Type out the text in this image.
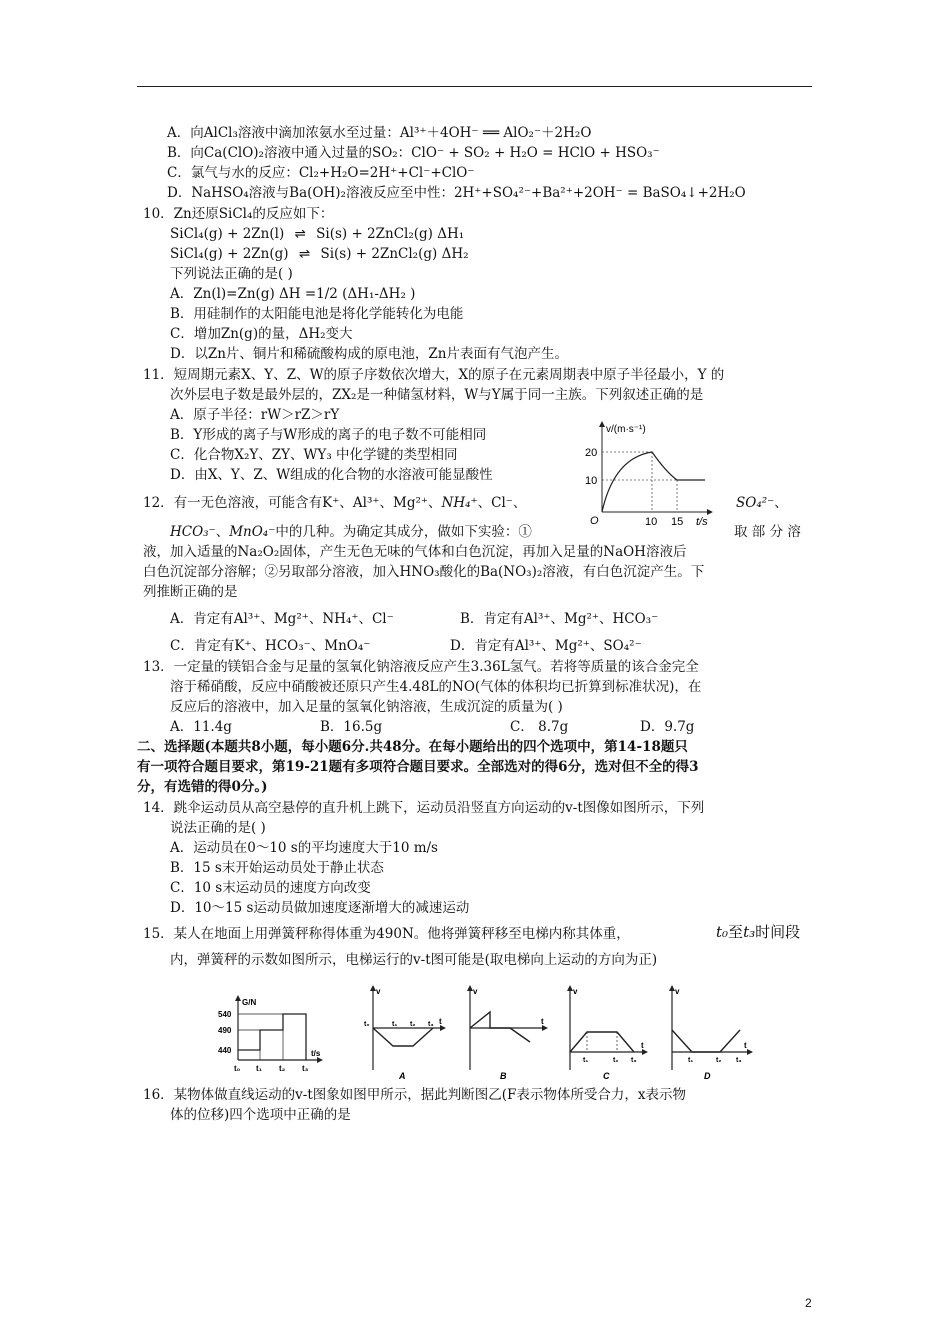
A．向AlCl₃溶液中滴加浓氨水至过量：Al³⁺＋4OH⁻ ══ AlO₂⁻＋2H₂O
B．向Ca(ClO)₂溶液中通入过量的SO₂：ClO⁻ + SO₂ + H₂O = HClO + HSO₃⁻
C．氯气与水的反应：Cl₂+H₂O=2H⁺+Cl⁻+ClO⁻
D．NaHSO₄溶液与Ba(OH)₂溶液反应至中性：2H⁺+SO₄²⁻+Ba²⁺+2OH⁻ = BaSO₄↓+2H₂O
10．Zn还原SiCl₄的反应如下：
SiCl₄(g) + 2Zn(l) ⇌ Si(s) + 2ZnCl₂(g) ΔH₁
SiCl₄(g) + 2Zn(g) ⇌ Si(s) + 2ZnCl₂(g) ΔH₂
下列说法正确的是( )
A．Zn(l)=Zn(g) ΔH =1/2 (ΔH₁-ΔH₂ )
B．用硅制作的太阳能电池是将化学能转化为电能
C．增加Zn(g)的量，ΔH₂变大
D．以Zn片、铜片和稀硫酸构成的原电池，Zn片表面有气泡产生。
11．短周期元素X、Y、Z、W的原子序数依次增大，X的原子在元素周期表中原子半径最小，Y 的
次外层电子数是最外层的，ZX₂是一种储氢材料，W与Y属于同一主族。下列叙述正确的是
A．原子半径：rW＞rZ＞rY
B．Y形成的离子与W形成的离子的电子数不可能相同
C．化合物X₂Y、ZY、WY₃ 中化学键的类型相同
D．由X、Y、Z、W组成的化合物的水溶液可能显酸性
v/(m·s⁻¹)
20
10
O	10 15 t/s
12．有一无色溶液，可能含有K⁺、Al³⁺、Mg²⁺、NH₄⁺、Cl⁻、	SO₄²⁻、
HCO₃⁻、MnO₄⁻中的几种。为确定其成分，做如下实验：①	取 部 分 溶
液，加入适量的Na₂O₂固体，产生无色无味的气体和白色沉淀，再加入足量的NaOH溶液后
白色沉淀部分溶解；②另取部分溶液，加入HNO₃酸化的Ba(NO₃)₂溶液，有白色沉淀产生。下
列推断正确的是
A．肯定有Al³⁺、Mg²⁺、NH₄⁺、Cl⁻	B．肯定有Al³⁺、Mg²⁺、HCO₃⁻
C．肯定有K⁺、HCO₃⁻、MnO₄⁻	D．肯定有Al³⁺、Mg²⁺、SO₄²⁻
13．一定量的镁铝合金与足量的氢氧化钠溶液反应产生3.36L氢气。若将等质量的该合金完全
溶于稀硝酸，反应中硝酸被还原只产生4.48L的NO(气体的体积均已折算到标准状况)，在
反应后的溶液中，加入足量的氢氧化钠溶液，生成沉淀的质量为( )
A．11.4g	B．16.5g	C． 8.7g	D．9.7g
二、选择题(本题共8小题，每小题6分.共48分。在每小题给出的四个选项中，第14-18题只
有一项符合题目要求，第19-21题有多项符合题目要求。全部选对的得6分，选对但不全的得3
分，有选错的得0分。)
14．跳伞运动员从高空悬停的直升机上跳下，运动员沿竖直方向运动的v-t图像如图所示，下列
说法正确的是( )
A．运动员在0～10 s的平均速度大于10 m/s
B．15 s末开始运动员处于静止状态
C．10 s末运动员的速度方向改变
D．10～15 s运动员做加速度逐渐增大的减速运动
15．某人在地面上用弹簧秤称得体重为490N。他将弹簧秤移至电梯内称其体重，	t₀至t₃时间段
内，弹簧秤的示数如图所示，电梯运行的v-t图可能是(取电梯向上运动的方向为正)
G/N
540
490
440
t₀ t₁ t₂ t₃
t/s
v
t
t₀	t₁ t₂ t₃
A
v
t
B
v
t
t₁	t₂ t₃
C
v
t
t₁	t₂ t₃
D
16．某物体做直线运动的v-t图象如图甲所示，据此判断图乙(F表示物体所受合力，x表示物
体的位移)四个选项中正确的是
2
